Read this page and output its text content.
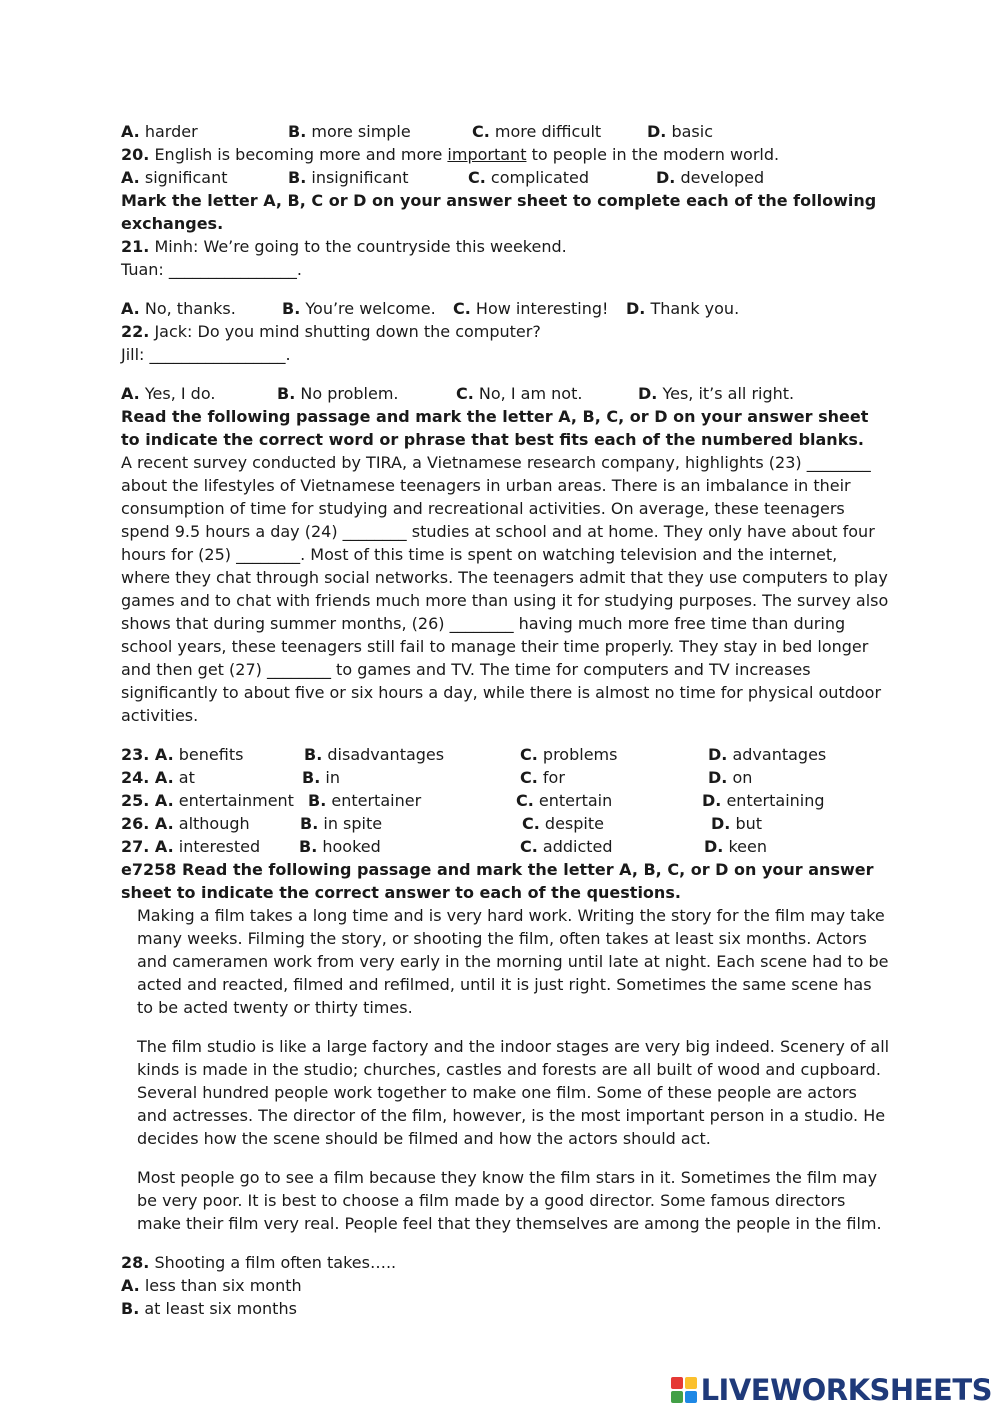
A. harder	B. more simple	C. more difficult	D. basic
20. English is becoming more and more important to people in the modern world.
A. significant	B. insignificant	C. complicated	D. developed
Mark the letter A, B, C or D on your answer sheet to complete each of the following exchanges.
21. Minh: We’re going to the countryside this weekend.
Tuan: ________________.
A. No, thanks.	B. You’re welcome. C. How interesting! D. Thank you.
22. Jack: Do you mind shutting down the computer?
Jill: _________________.
A. Yes, I do.	B. No problem.	C. No, I am not.	D. Yes, it’s all right.
Read the following passage and mark the letter A, B, C, or D on your answer sheet to indicate the correct word or phrase that best fits each of the numbered blanks.
A recent survey conducted by TIRA, a Vietnamese research company, highlights (23) ________ about the lifestyles of Vietnamese teenagers in urban areas. There is an imbalance in their consumption of time for studying and recreational activities. On average, these teenagers spend 9.5 hours a day (24) ________ studies at school and at home. They only have about four hours for (25) ________. Most of this time is spent on watching television and the internet, where they chat through social networks. The teenagers admit that they use computers to play games and to chat with friends much more than using it for studying purposes. The survey also shows that during summer months, (26) ________ having much more free time than during school years, these teenagers still fail to manage their time properly. They stay in bed longer and then get (27) ________ to games and TV. The time for computers and TV increases significantly to about five or six hours a day, while there is almost no time for physical outdoor activities.
23. A. benefits	B. disadvantages	C. problems	D. advantages
24. A. at	B. in	C. for	D. on
25. A. entertainment B. entertainer	C. entertain	D. entertaining
26. A. although	B. in spite	C. despite	D. but
27. A. interested B. hooked	C. addicted	D. keen
e7258 Read the following passage and mark the letter A, B, C, or D on your answer sheet to indicate the correct answer to each of the questions.
Making a film takes a long time and is very hard work. Writing the story for the film may take many weeks. Filming the story, or shooting the film, often takes at least six months. Actors and cameramen work from very early in the morning until late at night. Each scene had to be acted and reacted, filmed and refilmed, until it is just right. Sometimes the same scene has to be acted twenty or thirty times.
The film studio is like a large factory and the indoor stages are very big indeed. Scenery of all kinds is made in the studio; churches, castles and forests are all built of wood and cupboard. Several hundred people work together to make one film. Some of these people are actors and actresses. The director of the film, however, is the most important person in a studio. He decides how the scene should be filmed and how the actors should act.
Most people go to see a film because they know the film stars in it. Sometimes the film may be very poor. It is best to choose a film made by a good director. Some famous directors make their film very real. People feel that they themselves are among the people in the film.
28. Shooting a film often takes…..
A. less than six month
B. at least six months
LIVEWORKSHEETS
